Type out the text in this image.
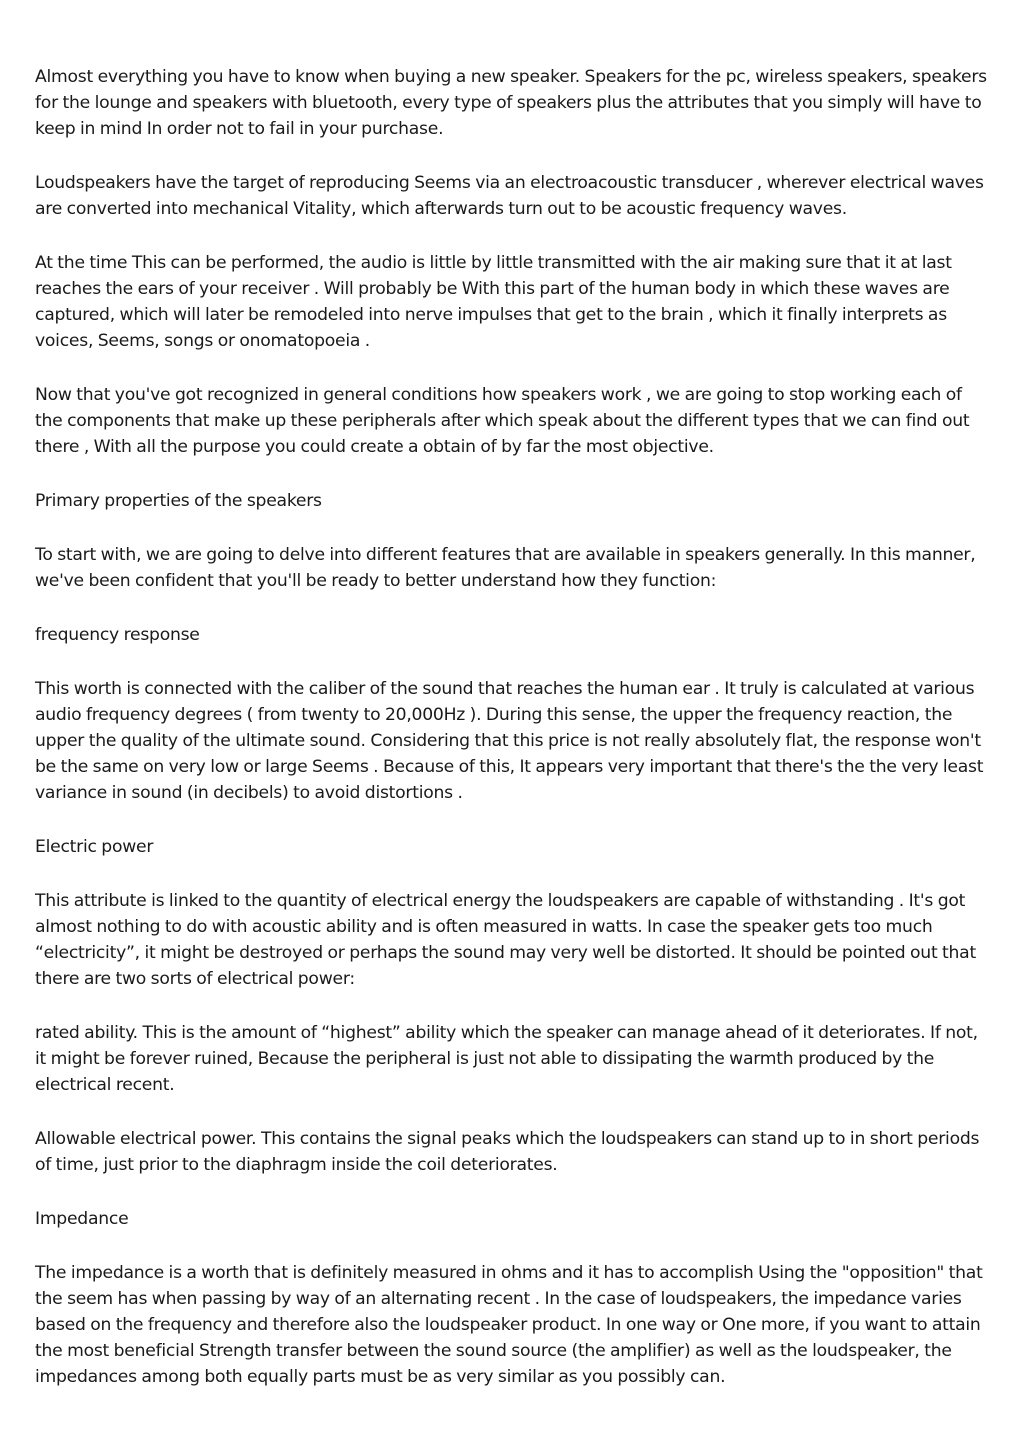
Almost everything you have to know when buying a new speaker. Speakers for the pc, wireless speakers, speakers for the lounge and speakers with bluetooth, every type of speakers plus the attributes that you simply will have to keep in mind In order not to fail in your purchase.

Loudspeakers have the target of reproducing Seems via an electroacoustic transducer , wherever electrical waves are converted into mechanical Vitality, which afterwards turn out to be acoustic frequency waves.

At the time This can be performed, the audio is little by little transmitted with the air making sure that it at last reaches the ears of your receiver . Will probably be With this part of the human body in which these waves are captured, which will later be remodeled into nerve impulses that get to the brain , which it finally interprets as voices, Seems, songs or onomatopoeia .

Now that you've got recognized in general conditions how speakers work , we are going to stop working each of the components that make up these peripherals after which speak about the different types that we can find out there , With all the purpose you could create a obtain of by far the most objective.

Primary properties of the speakers

To start with, we are going to delve into different features that are available in speakers generally. In this manner, we've been confident that you'll be ready to better understand how they function:

frequency response

This worth is connected with the caliber of the sound that reaches the human ear . It truly is calculated at various audio frequency degrees ( from twenty to 20,000Hz ). During this sense, the upper the frequency reaction, the upper the quality of the ultimate sound. Considering that this price is not really absolutely flat, the response won't be the same on very low or large Seems . Because of this, It appears very important that there's the the very least variance in sound (in decibels) to avoid distortions .

Electric power

This attribute is linked to the quantity of electrical energy the loudspeakers are capable of withstanding . It's got almost nothing to do with acoustic ability and is often measured in watts. In case the speaker gets too much “electricity”, it might be destroyed or perhaps the sound may very well be distorted. It should be pointed out that there are two sorts of electrical power:

rated ability. This is the amount of “highest” ability which the speaker can manage ahead of it deteriorates. If not, it might be forever ruined, Because the peripheral is just not able to dissipating the warmth produced by the electrical recent.

Allowable electrical power. This contains the signal peaks which the loudspeakers can stand up to in short periods of time, just prior to the diaphragm inside the coil deteriorates.

Impedance

The impedance is a worth that is definitely measured in ohms and it has to accomplish Using the "opposition" that the seem has when passing by way of an alternating recent . In the case of loudspeakers, the impedance varies based on the frequency and therefore also the loudspeaker product. In one way or One more, if you want to attain the most beneficial Strength transfer between the sound source (the amplifier) as well as the loudspeaker, the impedances among both equally parts must be as very similar as you possibly can.
